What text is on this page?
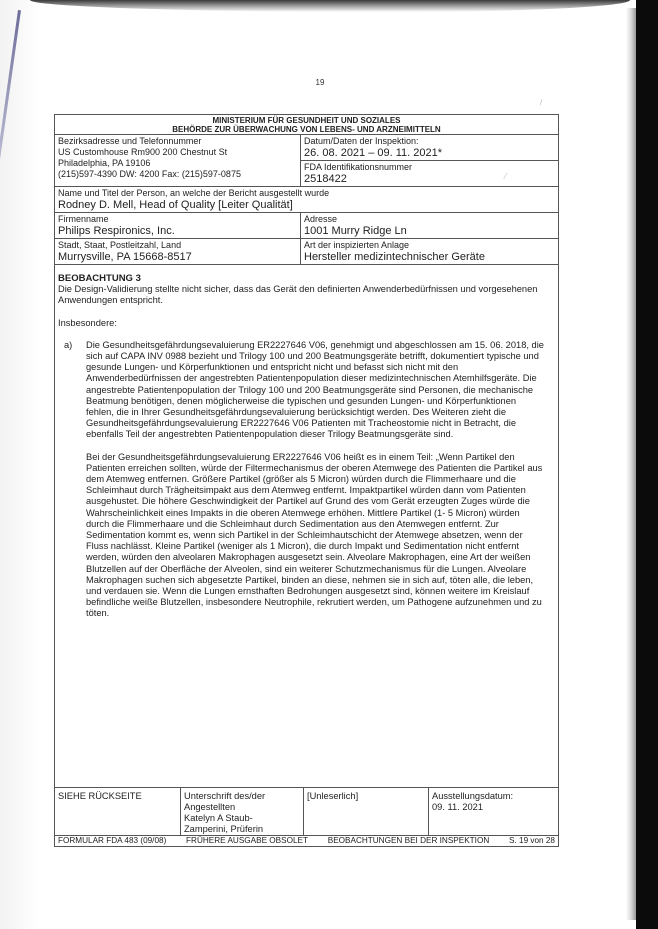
19
/
⁄
MINISTERIUM FÜR GESUNDHEIT UND SOZIALES
BEHÖRDE ZUR ÜBERWACHUNG VON LEBENS- UND ARZNEIMITTELN
Bezirksadresse und Telefonnummer
US Customhouse Rm900 200 Chestnut St
Philadelphia, PA 19106
(215)597-4390 DW: 4200 Fax: (215)597-0875
Datum/Daten der Inspektion:
26. 08. 2021 – 09. 11. 2021*
FDA Identifikationsnummer
2518422
Name und Titel der Person, an welche der Bericht ausgestellt wurde
Rodney D. Mell, Head of Quality [Leiter Qualität]
Firmenname
Philips Respironics, Inc.
Adresse
1001 Murry Ridge Ln
Stadt, Staat, Postleitzahl, Land
Murrysville, PA 15668-8517
Art der inspizierten Anlage
Hersteller medizintechnischer Geräte
BEOBACHTUNG 3

Die Design-Validierung stellte nicht sicher, dass das Gerät den definierten Anwenderbedürfnissen und vorgesehenen Anwendungen entspricht.

Insbesondere:

a)	Die Gesundheitsgefährdungsevaluierung ER2227646 V06, genehmigt und abgeschlossen am 15. 06. 2018, die sich auf CAPA INV 0988 bezieht und Trilogy 100 und 200 Beatmungsgeräte betrifft, dokumentiert typische und gesunde Lungen- und Körperfunktionen und entspricht nicht und befasst sich nicht mit den Anwenderbedürfnissen der angestrebten Patientenpopulation dieser medizintechnischen Atemhilfsgeräte. Die angestrebte Patientenpopulation der Trilogy 100 und 200 Beatmungsgeräte sind Personen, die mechanische Beatmung benötigen, denen möglicherweise die typischen und gesunden Lungen- und Körperfunktionen fehlen, die in Ihrer Gesundheitsgefährdungsevaluierung berücksichtigt werden. Des Weiteren zieht die Gesundheitsgefährdungsevaluierung ER2227646 V06 Patienten mit Tracheostomie nicht in Betracht, die ebenfalls Teil der angestrebten Patientenpopulation dieser Trilogy Beatmungsgeräte sind.

Bei der Gesundheitsgefährdungsevaluierung ER2227646 V06 heißt es in einem Teil: „Wenn Partikel den Patienten erreichen sollten, würde der Filtermechanismus der oberen Atemwege des Patienten die Partikel aus dem Atemweg entfernen. Größere Partikel (größer als 5 Micron) würden durch die Flimmerhaare und die Schleimhaut durch Trägheitsimpakt aus dem Atemweg entfernt. Impaktpartikel würden dann vom Patienten ausgehustet. Die höhere Geschwindigkeit der Partikel auf Grund des vom Gerät erzeugten Zuges würde die Wahrscheinlichkeit eines Impakts in die oberen Atemwege erhöhen. Mittlere Partikel (1- 5 Micron) würden durch die Flimmerhaare und die Schleimhaut durch Sedimentation aus den Atemwegen entfernt. Zur Sedimentation kommt es, wenn sich Partikel in der Schleimhautschicht der Atemwege absetzen, wenn der Fluss nachlässt. Kleine Partikel (weniger als 1 Micron), die durch Impakt und Sedimentation nicht entfernt werden, würden den alveolaren Makrophagen ausgesetzt sein. Alveolare Makrophagen, eine Art der weißen Blutzellen auf der Oberfläche der Alveolen, sind ein weiterer Schutzmechanismus für die Lungen. Alveolare Makrophagen suchen sich abgesetzte Partikel, binden an diese, nehmen sie in sich auf, töten alle, die leben, und verdauen sie. Wenn die Lungen ernsthaften Bedrohungen ausgesetzt sind, können weitere im Kreislauf befindliche weiße Blutzellen, insbesondere Neutrophile, rekrutiert werden, um Pathogene aufzunehmen und zu töten.

SIEHE RÜCKSEITE	Unterschrift des/der
Angestellten
Katelyn A Staub-
Zamperini, Prüferin
[Unleserlich]	Ausstellungsdatum:
09. 11. 2021
FORMULAR FDA 483 (09/08) FRÜHERE AUSGABE OBSOLET BEOBACHTUNGEN BEI DER INSPEKTION S. 19 von 28
